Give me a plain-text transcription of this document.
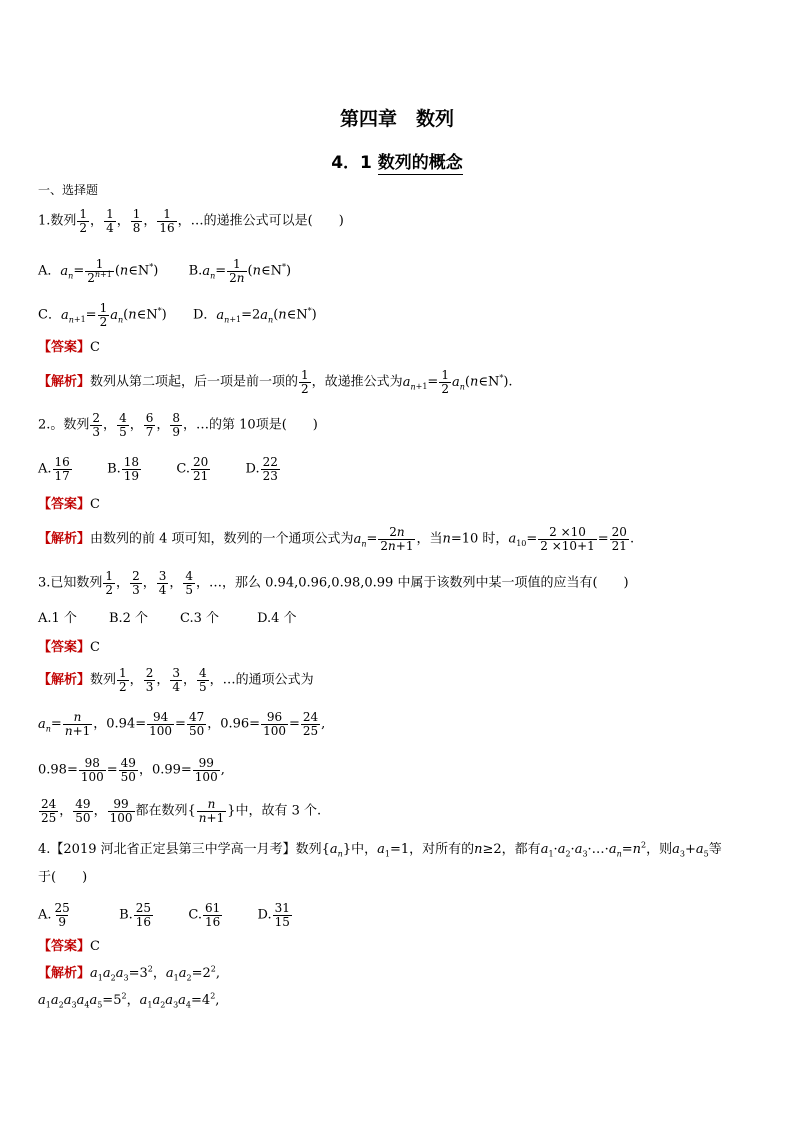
第四章　数列
4．1 数列的概念
一、选择题
1.数列 $\frac{1}{2}$ ， $\frac{1}{4}$ ， $\frac{1}{8}$ ， $\frac{1}{16}$ ，…的递推公式可以是(　　)
A．$a_n= \frac{1}{2^{n+1}}$ (n∈N*)  $B.a_n= \frac{1}{2n}$ (n∈N*)
C．$a_{n+1}= \frac{1}{2}$ $a_n(n\in N^*)$  D．$a_{n+1}=2a_n(n\in N^*)$
【答案】C
【解析】数列从第二项起，后一项是前一项的 $\frac{1}{2}$ ，故递推公式为$a_{n+1}= \frac{1}{2}$ $a_n(n\in N^*)$.
2.。数列 $\frac{2}{3}$ ， $\frac{4}{5}$ ， $\frac{6}{7}$ ， $\frac{8}{9}$ ，…的第 10项是(　　)
A. $\frac{16}{17}$	B. $\frac{18}{19}$	C. $\frac{20}{21}$	D. $\frac{22}{23}$
【答案】C
【解析】由数列的前 4 项可知，数列的一个通项公式为$a_n= \frac{2n}{2n+1}$ ，当n=10 时，$a_{10}= \frac{2 \times 10}{2 \times 10+1} = \frac{20}{21}$ .
3.已知数列 $\frac{1}{2}$ ， $\frac{2}{3}$ ， $\frac{3}{4}$ ， $\frac{4}{5}$ ，…，那么 0.94,0.96,0.98,0.99 中属于该数列中某一项值的应当有(　　)
A.1 个 B.2 个 C.3 个	D.4 个
【答案】C
【解析】数列 $\frac{1}{2}$ ， $\frac{2}{3}$ ， $\frac{3}{4}$ ， $\frac{4}{5}$ ，…的通项公式为
$a_n= \frac{n}{n+1}$ ，$0.94= \frac{94}{100} = \frac{47}{50}$ ，$0.96= \frac{96}{100} = \frac{24}{25}$ ,
$0.98= \frac{98}{100} = \frac{49}{50}$ ，$0.99= \frac{99}{100}$ ,
$\frac{24}{25}$ ， $\frac{49}{50}$ ， $\frac{99}{100}$ 都在数列{ $\frac{n}{n+1}$ }中，故有 3 个.
4.【2019 河北省正定县第三中学高一月考】数列$\{a_n\}$中，$a_1=1$，对所有的n≥2，都有$a_1\cdot a_2\cdot a_3\cdot\dots\cdot a_n=n^2$，则$a_3+a_5$等
于(　　)
A. $\frac{25}{9}$	B. $\frac{25}{16}$	C. $\frac{61}{16}$	D. $\frac{31}{15}$
【答案】C
【解析】$a_1a_2a_3=3^2$，$a_1a_2=2^2$,
$a_1a_2a_3a_4a_5=5^2$，$a_1a_2a_3a_4=4^2$,
